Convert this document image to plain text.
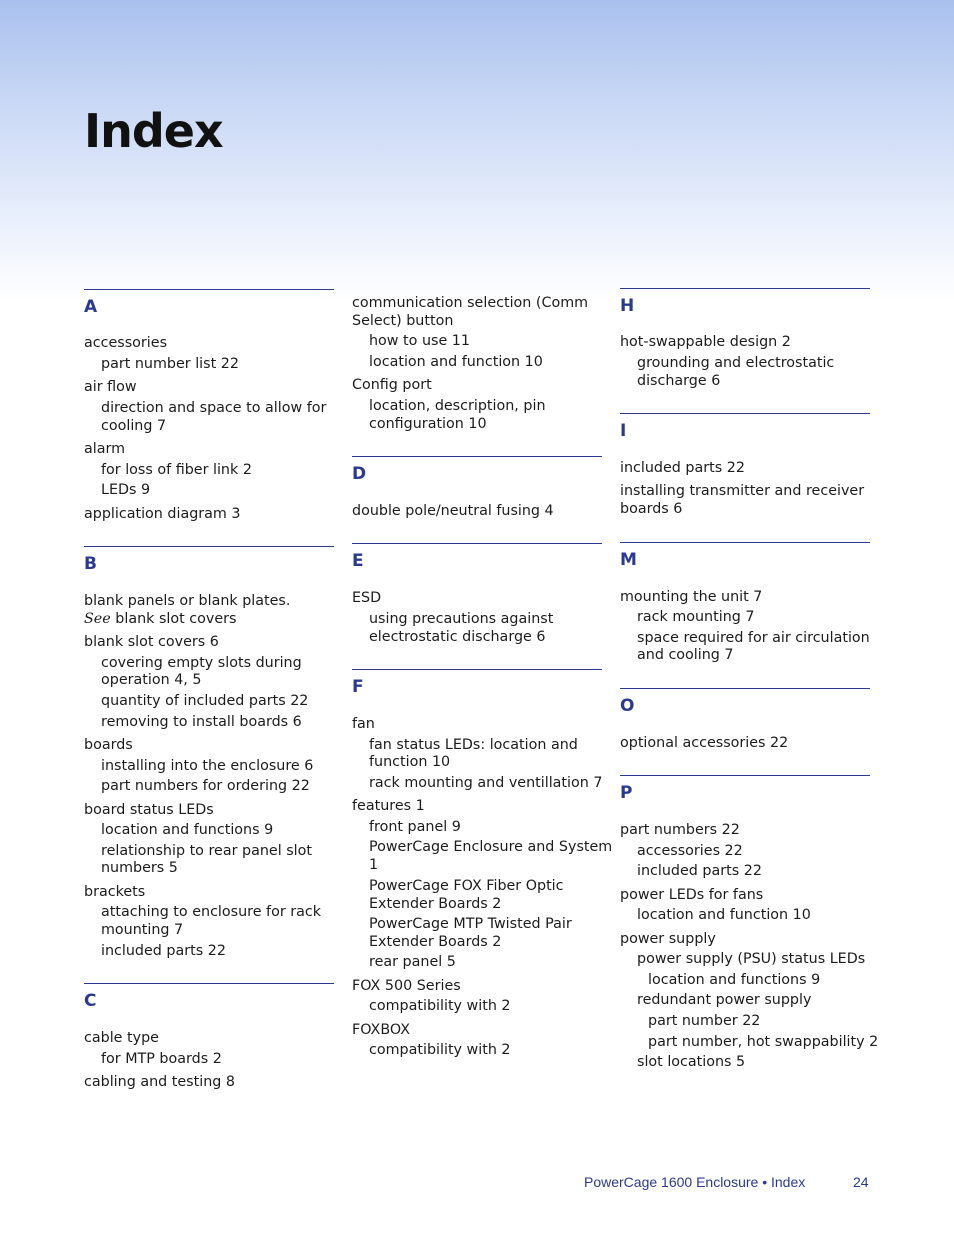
Index
A
accessories
part number list 22
air flow
direction and space to allow for
cooling 7
alarm
for loss of fiber link 2
LEDs 9
application diagram 3
B
blank panels or blank plates.
See blank slot covers
blank slot covers 6
covering empty slots during
operation 4, 5
quantity of included parts 22
removing to install boards 6
boards
installing into the enclosure 6
part numbers for ordering 22
board status LEDs
location and functions 9
relationship to rear panel slot
numbers 5
brackets
attaching to enclosure for rack
mounting 7
included parts 22
C
cable type
for MTP boards 2
cabling and testing 8
communication selection (Comm
Select) button
how to use 11
location and function 10
Config port
location, description, pin
configuration 10
D
double pole/neutral fusing 4
E
ESD
using precautions against
electrostatic discharge 6
F
fan
fan status LEDs: location and
function 10
rack mounting and ventillation 7
features 1
front panel 9
PowerCage Enclosure and System
1
PowerCage FOX Fiber Optic
Extender Boards 2
PowerCage MTP Twisted Pair
Extender Boards 2
rear panel 5
FOX 500 Series
compatibility with 2
FOXBOX
compatibility with 2
H
hot-swappable design 2
grounding and electrostatic
discharge 6
I
included parts 22
installing transmitter and receiver
boards 6
M
mounting the unit 7
rack mounting 7
space required for air circulation
and cooling 7
O
optional accessories 22
P
part numbers 22
accessories 22
included parts 22
power LEDs for fans
location and function 10
power supply
power supply (PSU) status LEDs
location and functions 9
redundant power supply
part number 22
part number, hot swappability 2
slot locations 5
PowerCage 1600 Enclosure • Index	24
